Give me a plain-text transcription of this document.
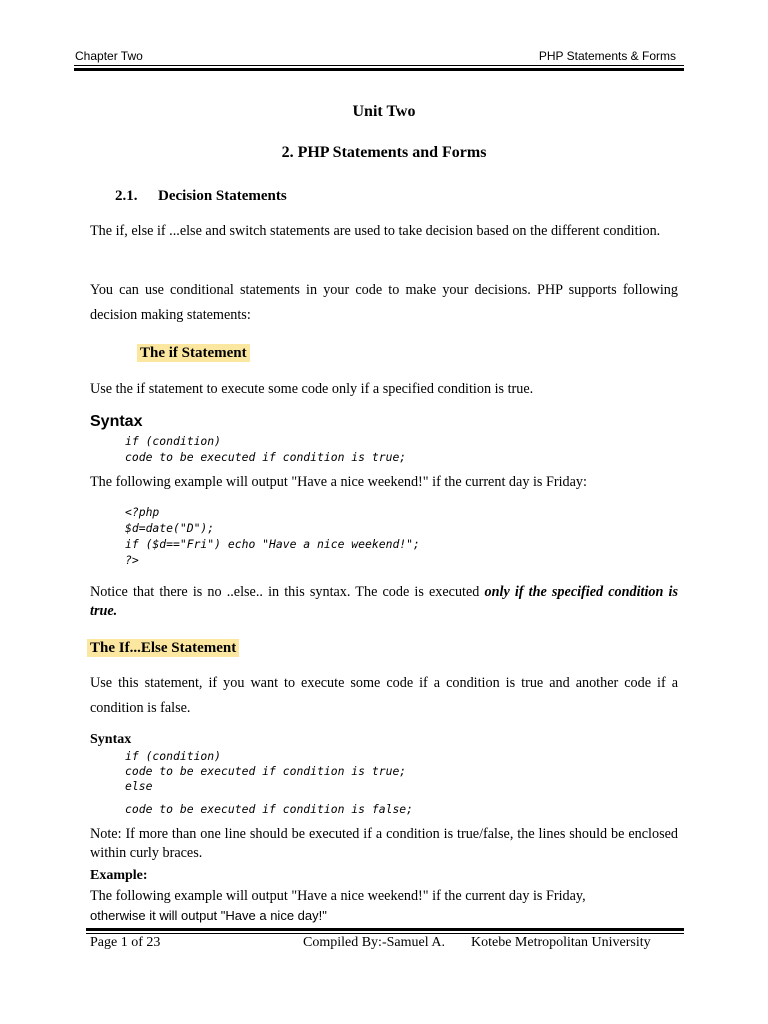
Chapter Two	PHP Statements & Forms
Unit Two
2. PHP Statements and Forms
2.1. Decision Statements
The if, else if ...else and switch statements are used to take decision based on the different condition.
You can use conditional statements in your code to make your decisions. PHP supports following decision making statements:
The if Statement
Use the if statement to execute some code only if a specified condition is true.
Syntax
if (condition)
code to be executed if condition is true;
The following example will output "Have a nice weekend!" if the current day is Friday:
<?php
$d=date("D");
if ($d=="Fri") echo "Have a nice weekend!";
?>
Notice that there is no ..else.. in this syntax. The code is executed only if the specified condition is true.
The If...Else Statement
Use this statement, if you want to execute some code if a condition is true and another code if a condition is false.
Syntax
if (condition)
code to be executed if condition is true;
else
code to be executed if condition is false;
Note: If more than one line should be executed if a condition is true/false, the lines should be enclosed within curly braces.
Example:
The following example will output "Have a nice weekend!" if the current day is Friday,
otherwise it will output "Have a nice day!"
Page 1 of 23	Compiled By:-Samuel A. Kotebe Metropolitan University
